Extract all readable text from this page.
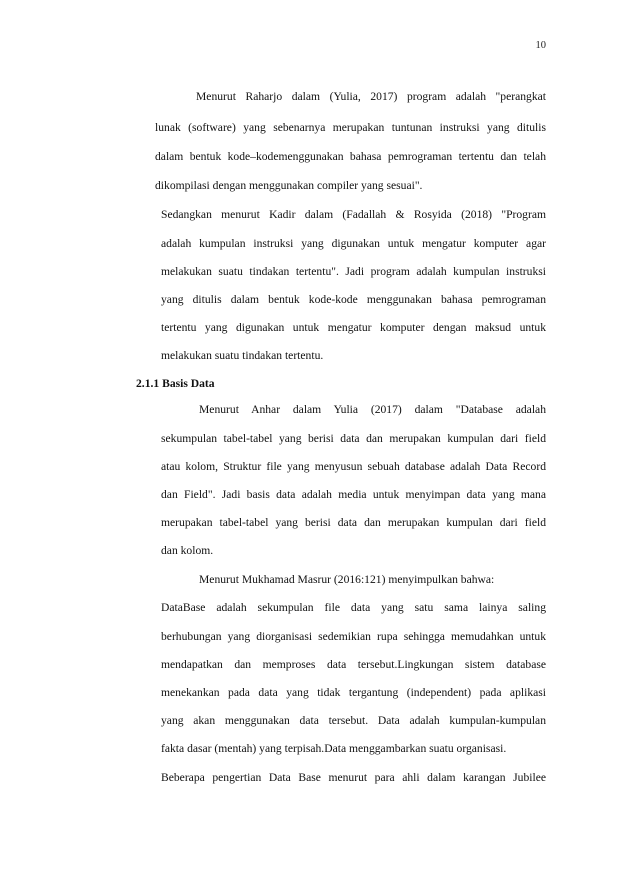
10
Menurut Raharjo dalam (Yulia, 2017) program adalah "perangkat
lunak (software) yang sebenarnya merupakan tuntunan instruksi yang ditulis
dalam bentuk kode–kodemenggunakan bahasa pemrograman tertentu dan telah
dikompilasi dengan menggunakan compiler yang sesuai".
Sedangkan menurut Kadir dalam (Fadallah & Rosyida (2018) "Program
adalah kumpulan instruksi yang digunakan untuk mengatur komputer agar
melakukan suatu tindakan tertentu". Jadi program adalah kumpulan instruksi
yang ditulis dalam bentuk kode-kode menggunakan bahasa pemrograman
tertentu yang digunakan untuk mengatur komputer dengan maksud untuk
melakukan suatu tindakan tertentu.
2.1.1 Basis Data
Menurut Anhar dalam Yulia (2017) dalam "Database adalah
sekumpulan tabel-tabel yang berisi data dan merupakan kumpulan dari field
atau kolom, Struktur file yang menyusun sebuah database adalah Data Record
dan Field". Jadi basis data adalah media untuk menyimpan data yang mana
merupakan tabel-tabel yang berisi data dan merupakan kumpulan dari field
dan kolom.
Menurut Mukhamad Masrur (2016:121) menyimpulkan bahwa:
DataBase adalah sekumpulan file data yang satu sama lainya saling
berhubungan yang diorganisasi sedemikian rupa sehingga memudahkan untuk
mendapatkan dan memproses data tersebut.Lingkungan sistem database
menekankan pada data yang tidak tergantung (independent) pada aplikasi
yang akan menggunakan data tersebut. Data adalah kumpulan-kumpulan
fakta dasar (mentah) yang terpisah.Data menggambarkan suatu organisasi.
Beberapa pengertian Data Base menurut para ahli dalam karangan Jubilee
